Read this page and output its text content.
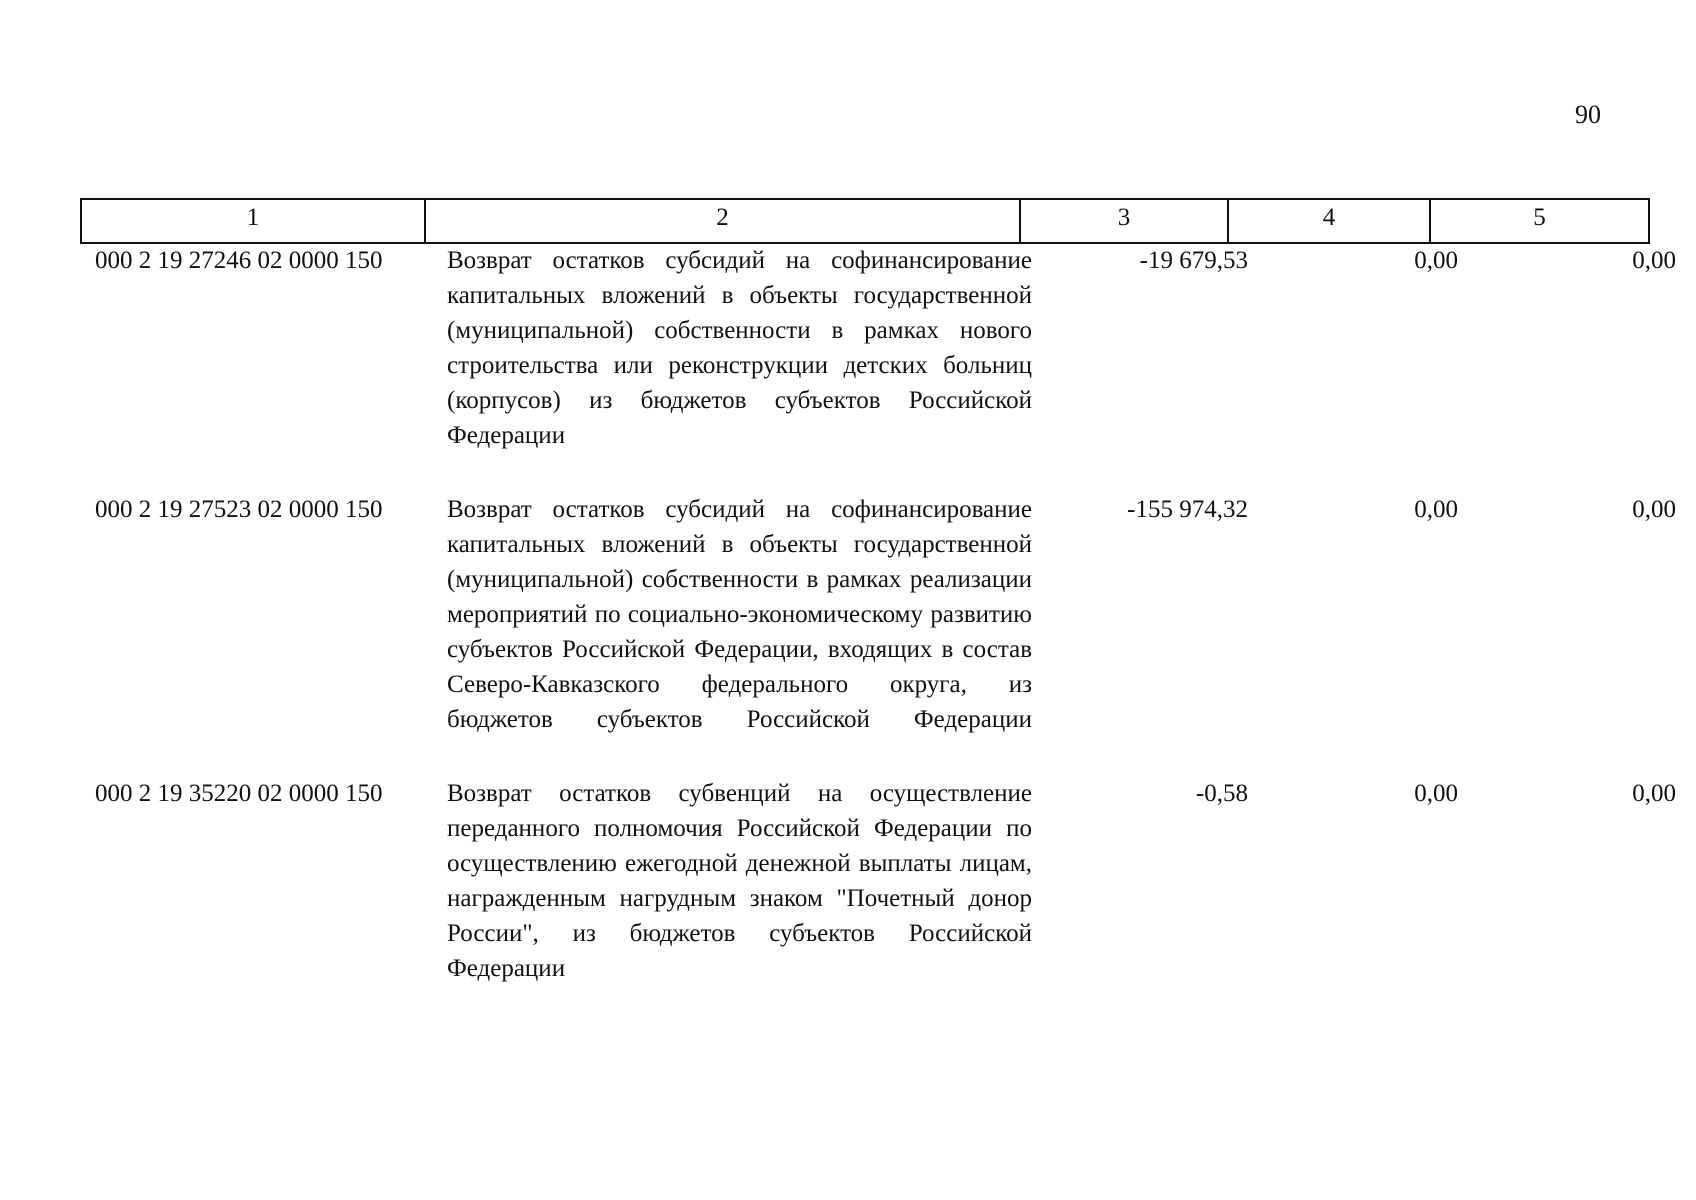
90
1	2	3	4	5
000 2 19 27246 02 0000 150	Возврат остатков субсидий на софинансирование капитальных вложений в объекты государственной (муниципальной) собственности в рамках нового строительства или реконструкции детских больниц (корпусов) из бюджетов субъектов Российской Федерации	-19 679,53	0,00	0,00
000 2 19 27523 02 0000 150	Возврат остатков субсидий на софинансирование капитальных вложений в объекты государственной (муниципальной) собственности в рамках реализации мероприятий по социально-экономическому развитию субъектов Российской Федерации, входящих в состав Северо-Кавказского федерального округа, из бюджетов субъектов Российской Федерации	-155 974,32	0,00	0,00
000 2 19 35220 02 0000 150	Возврат остатков субвенций на осуществление переданного полномочия Российской Федерации по осуществлению ежегодной денежной выплаты лицам, награжденным нагрудным знаком "Почетный донор России", из бюджетов субъектов Российской Федерации	-0,58	0,00	0,00
